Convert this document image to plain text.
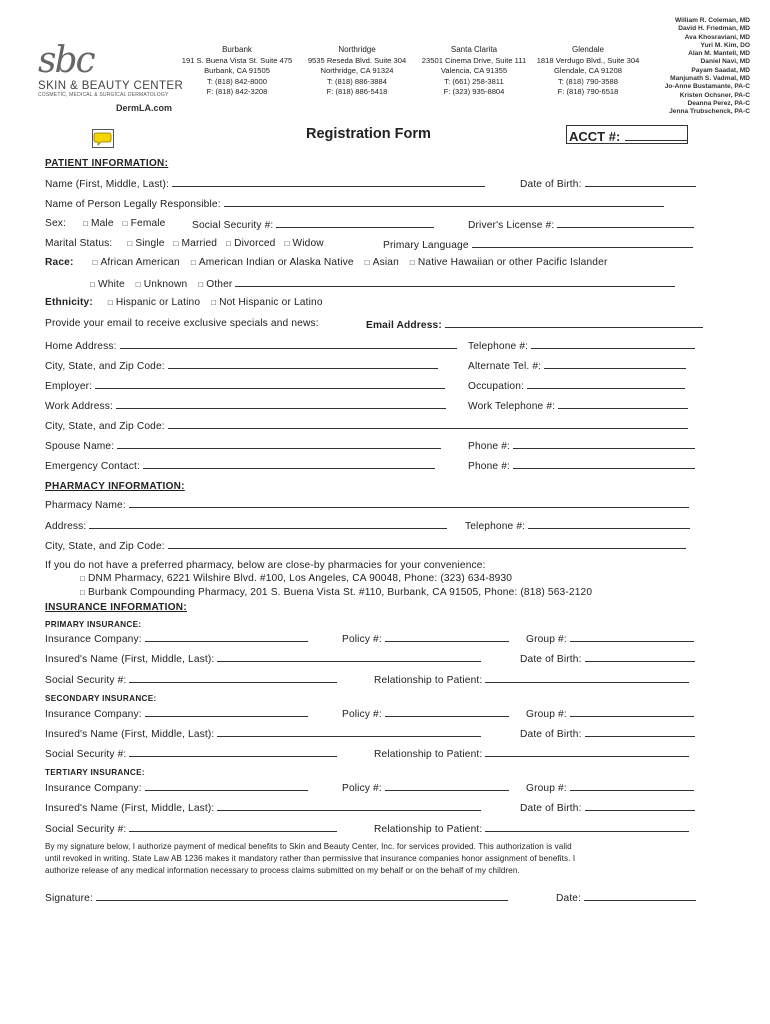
sbc
SKIN & BEAUTY CENTER
COSMETIC, MEDICAL & SURGICAL DERMATOLOGY
DermLA.com
Burbank
191 S. Buena Vista St. Suite 475
Burbank, CA 91505
T: (818) 842-8000
F: (818) 842-3208
Northridge
9535 Reseda Blvd. Suite 304
Northridge, CA 91324
T: (818) 886-3884
F: (818) 886-5418
Santa Clarita
23501 Cinema Drive, Suite 111
Valencia, CA 91355
T: (661) 258-3811
F: (323) 935-8804
Glendale
1818 Verdugo Blvd., Suite 304
Glendale, CA 91208
T: (818) 790-3588
F: (818) 790-6518
William R. Coleman, MD
David H. Friedman, MD
Ava Khosraviani, MD
Yuri M. Kim, DO
Alan M. Mantell, MD
Daniel Navi, MD
Payam Saadat, MD
Manjunath S. Vadmal, MD
Jo-Anne Bustamante, PA-C
Kristen Ochsner, PA-C
Deanna Perez, PA-C
Jenna Trubschenck, PA-C
Registration Form	ACCT #:
PATIENT INFORMATION:
Name (First, Middle, Last):	Date of Birth:
Name of Person Legally Responsible:
Sex: □ Male □ Female	Social Security #:	Driver's License #:
Marital Status: □ Single □ Married □ Divorced □ Widow	Primary Language
Race: □ African American □ American Indian or Alaska Native □ Asian □ Native Hawaiian or other Pacific Islander
□ White □ Unknown □ Other
Ethnicity: □ Hispanic or Latino □ Not Hispanic or Latino
Provide your email to receive exclusive specials and news:	Email Address:
Home Address:	Telephone #:
City, State, and Zip Code:	Alternate Tel. #:
Employer:	Occupation:
Work Address:	Work Telephone #:
City, State, and Zip Code:
Spouse Name:	Phone #:
Emergency Contact:	Phone #:
PHARMACY INFORMATION:
Pharmacy Name:
Address:	Telephone #:
City, State, and Zip Code:
If you do not have a preferred pharmacy, below are close-by pharmacies for your convenience:
□ DNM Pharmacy, 6221 Wilshire Blvd. #100, Los Angeles, CA 90048, Phone: (323) 634-8930
□ Burbank Compounding Pharmacy, 201 S. Buena Vista St. #110, Burbank, CA 91505, Phone: (818) 563-2120
INSURANCE INFORMATION:
PRIMARY INSURANCE:
Insurance Company:	Policy #:	Group #:
Insured's Name (First, Middle, Last):	Date of Birth:
Social Security #:	Relationship to Patient:
SECONDARY INSURANCE:
Insurance Company:	Policy #:	Group #:
Insured's Name (First, Middle, Last):	Date of Birth:
Social Security #:	Relationship to Patient:
TERTIARY INSURANCE:
Insurance Company:	Policy #:	Group #:
Insured's Name (First, Middle, Last):	Date of Birth:
Social Security #:	Relationship to Patient:
By my signature below, I authorize payment of medical benefits to Skin and Beauty Center, Inc. for services provided. This authorization is valid
until revoked in writing. State Law AB 1236 makes it mandatory rather than permissive that insurance companies honor assignment of benefits. I
authorize release of any medical information necessary to process claims submitted on my behalf or on the behalf of my children.
Signature:	Date:
